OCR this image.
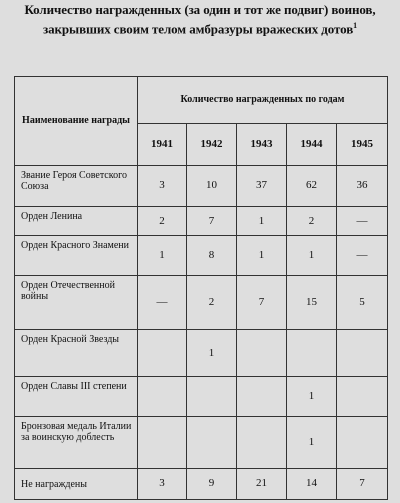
Количество награжденных (за один и тот же подвиг) воинов, закрывших своим телом амбразуры вражеских дотов$^1$
Наименование награды	Количество награжденных по годам				
	1941	1942	1943	1944	1945
Звание Героя Советского Союза	3	10	37	62	36
Орден Ленина	2	7	1	2	—
Орден Красного Знамени	1	8	1	1	—
Орден Отечественной войны	—	2	7	15	5
Орден Красной Звезды		1			
Орден Славы III степени				1	
Бронзовая медаль Италии за воинскую доблесть				1	
Не награждены	3	9	21	14	7
